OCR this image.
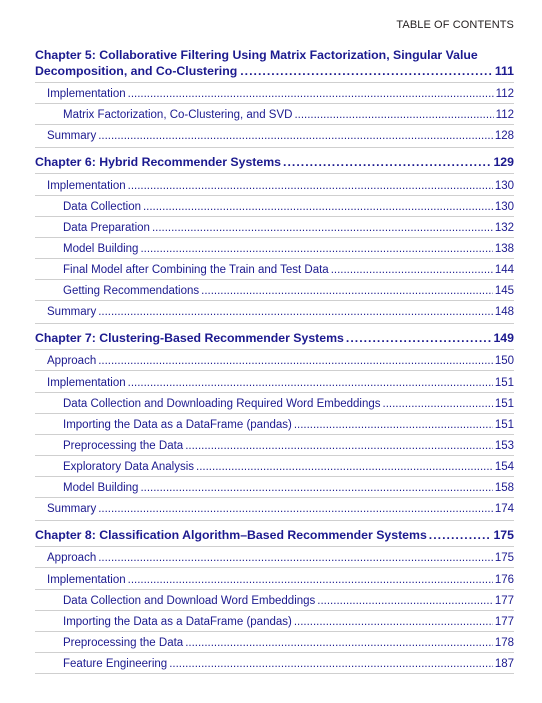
TABLE OF CONTENTS
Chapter 5: Collaborative Filtering Using Matrix Factorization, Singular Value
Decomposition, and Co-Clustering . . .	111
Implementation . . .	112
Matrix Factorization, Co-Clustering, and SVD . . .	112
Summary . . .	128
Chapter 6: Hybrid Recommender Systems . . .	129
Implementation . . .	130
Data Collection . . .	130
Data Preparation . . .	132
Model Building . . .	138
Final Model after Combining the Train and Test Data . . .	144
Getting Recommendations . . .	145
Summary . . .	148
Chapter 7: Clustering-Based Recommender Systems . . .	149
Approach . . .	150
Implementation . . .	151
Data Collection and Downloading Required Word Embeddings . . .	151
Importing the Data as a DataFrame (pandas) . . .	151
Preprocessing the Data . . .	153
Exploratory Data Analysis . . .	154
Model Building . . .	158
Summary . . .	174
Chapter 8: Classification Algorithm–Based Recommender Systems . . .	175
Approach . . .	175
Implementation . . .	176
Data Collection and Download Word Embeddings . . .	177
Importing the Data as a DataFrame (pandas) . . .	177
Preprocessing the Data . . .	178
Feature Engineering . . .	187
